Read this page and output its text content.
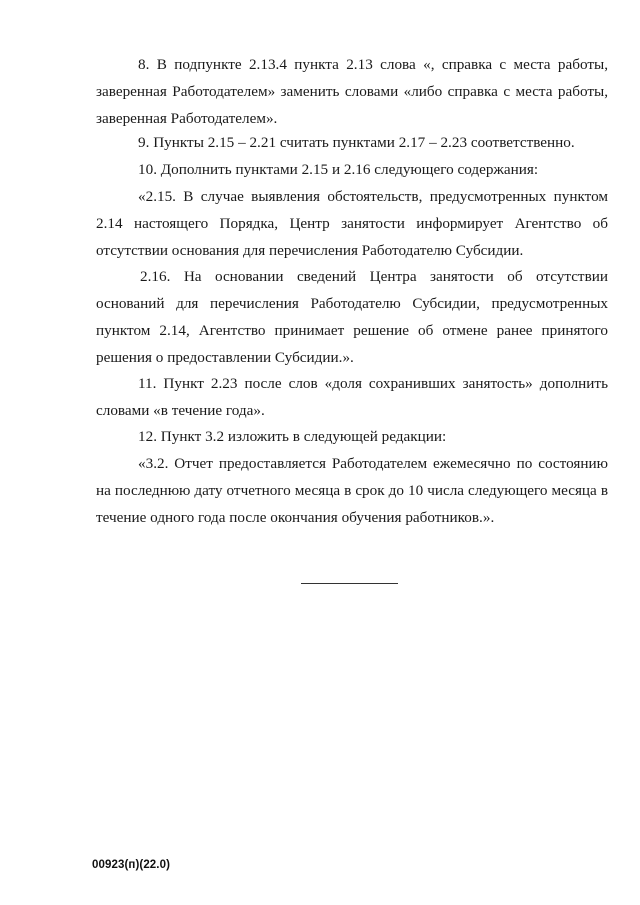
8. В подпункте 2.13.4 пункта 2.13 слова «, справка с места работы, заверенная Работодателем» заменить словами «либо справка с места работы, заверенная Работодателем».

9. Пункты 2.15 – 2.21 считать пунктами 2.17 – 2.23 соответственно.

10. Дополнить пунктами 2.15 и 2.16 следующего содержания:

«2.15. В случае выявления обстоятельств, предусмотренных пунктом 2.14 настоящего Порядка, Центр занятости информирует Агентство об отсутствии основания для перечисления Работодателю Субсидии.

2.16. На основании сведений Центра занятости об отсутствии оснований для перечисления Работодателю Субсидии, предусмотренных пунктом 2.14, Агентство принимает решение об отмене ранее принятого решения о предоставлении Субсидии.».

11. Пункт 2.23 после слов «доля сохранивших занятость» дополнить словами «в течение года».

12. Пункт 3.2 изложить в следующей редакции:

«3.2. Отчет предоставляется Работодателем ежемесячно по состоянию на последнюю дату отчетного месяца в срок до 10 числа следующего месяца в течение одного года после окончания обучения работников.».

00923(п)(22.0)
